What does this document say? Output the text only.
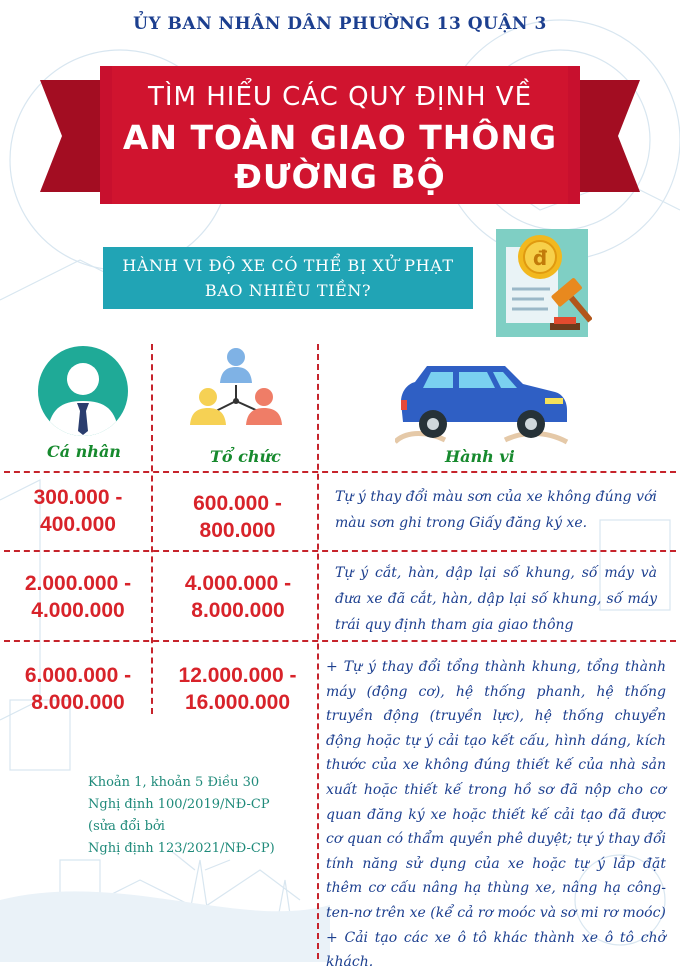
ỦY BAN NHÂN DÂN PHƯỜNG 13 QUẬN 3
TÌM HIỂU CÁC QUY ĐỊNH VỀ
AN TOÀN GIAO THÔNG
ĐƯỜNG BỘ
HÀNH VI ĐỘ XE CÓ THỂ BỊ XỬ PHẠT
BAO NHIÊU TIỀN?
đ
Cá nhân	Tổ chức	Hành vi
300.000 -
400.000
600.000 -
800.000

Tự ý thay đổi màu sơn của xe không đúng với màu sơn ghi trong Giấy đăng ký xe.

2.000.000 -
4.000.000
4.000.000 -
8.000.000

Tự ý cắt, hàn, dập lại số khung, số máy và đưa xe đã cắt, hàn, dập lại số khung, số máy trái quy định tham gia giao thông

6.000.000 -
8.000.000
12.000.000 -
16.000.000

+ Tự ý thay đổi tổng thành khung, tổng thành máy (động cơ), hệ thống phanh, hệ thống truyền động (truyền lực), hệ thống chuyển động hoặc tự ý cải tạo kết cấu, hình dáng, kích thước của xe không đúng thiết kế của nhà sản xuất hoặc thiết kế trong hồ sơ đã nộp cho cơ quan đăng ký xe hoặc thiết kế cải tạo đã được cơ quan có thẩm quyền phê duyệt; tự ý thay đổi tính năng sử dụng của xe hoặc tự ý lắp đặt thêm cơ cấu nâng hạ thùng xe, nâng hạ công-ten-nơ trên xe (kể cả rơ moóc và sơ mi rơ moóc)

+ Cải tạo các xe ô tô khác thành xe ô tô chở khách.

Khoản 1, khoản 5 Điều 30
Nghị định 100/2019/NĐ-CP
(sửa đổi bởi
Nghị định 123/2021/NĐ-CP)
